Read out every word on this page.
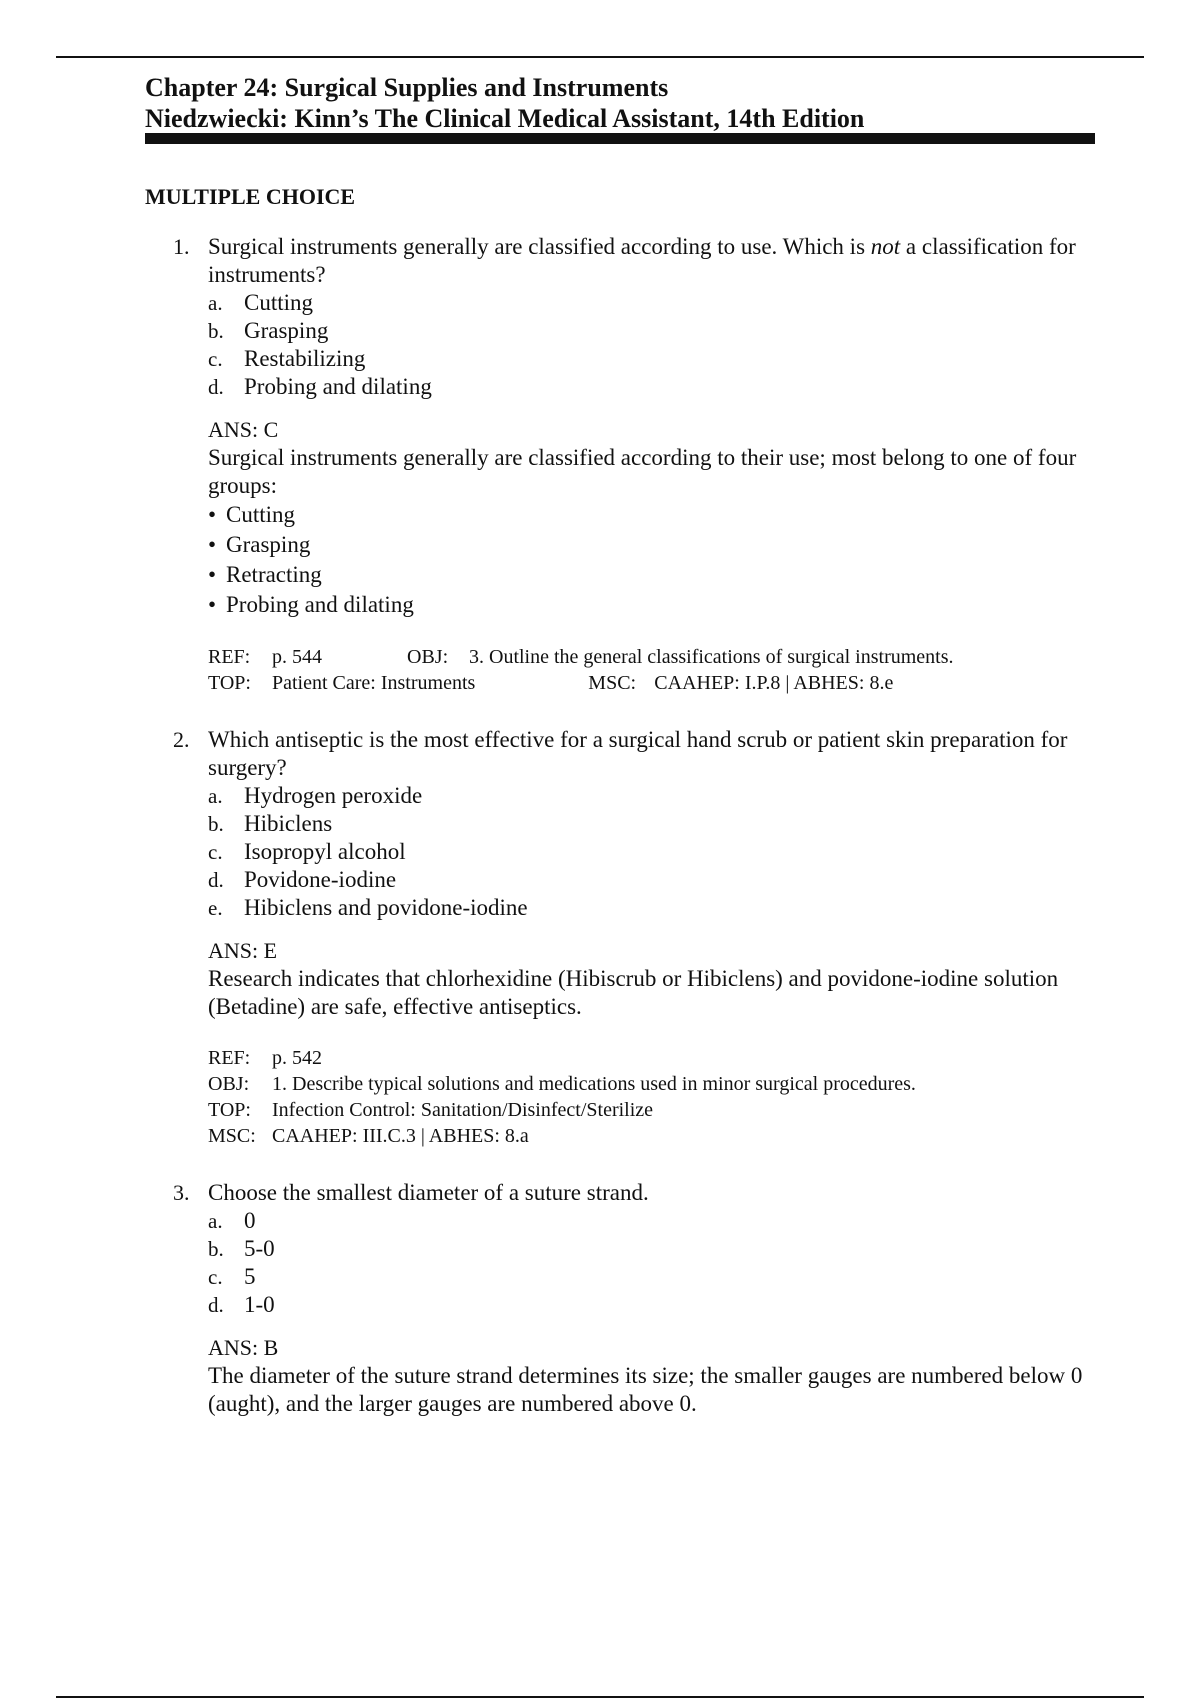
Chapter 24: Surgical Supplies and Instruments
Niedzwiecki: Kinn’s The Clinical Medical Assistant, 14th Edition
MULTIPLE CHOICE
1. Surgical instruments generally are classified according to use. Which is not a classification for instruments?
a. Cutting
b. Grasping
c. Restabilizing
d. Probing and dilating
ANS: C
Surgical instruments generally are classified according to their use; most belong to one of four groups:
• Cutting
• Grasping
• Retracting
• Probing and dilating
REF: p. 544	OBJ: 3. Outline the general classifications of surgical instruments.
TOP: Patient Care: Instruments	MSC: CAAHEP: I.P.8 | ABHES: 8.e
2. Which antiseptic is the most effective for a surgical hand scrub or patient skin preparation for surgery?
a. Hydrogen peroxide
b. Hibiclens
c. Isopropyl alcohol
d. Povidone-iodine
e. Hibiclens and povidone-iodine
ANS: E
Research indicates that chlorhexidine (Hibiscrub or Hibiclens) and povidone-iodine solution (Betadine) are safe, effective antiseptics.
REF: p. 542
OBJ: 1. Describe typical solutions and medications used in minor surgical procedures.
TOP: Infection Control: Sanitation/Disinfect/Sterilize
MSC: CAAHEP: III.C.3 | ABHES: 8.a
3. Choose the smallest diameter of a suture strand.
a. 0
b. 5-0
c. 5
d. 1-0
ANS: B
The diameter of the suture strand determines its size; the smaller gauges are numbered below 0 (aught), and the larger gauges are numbered above 0.
